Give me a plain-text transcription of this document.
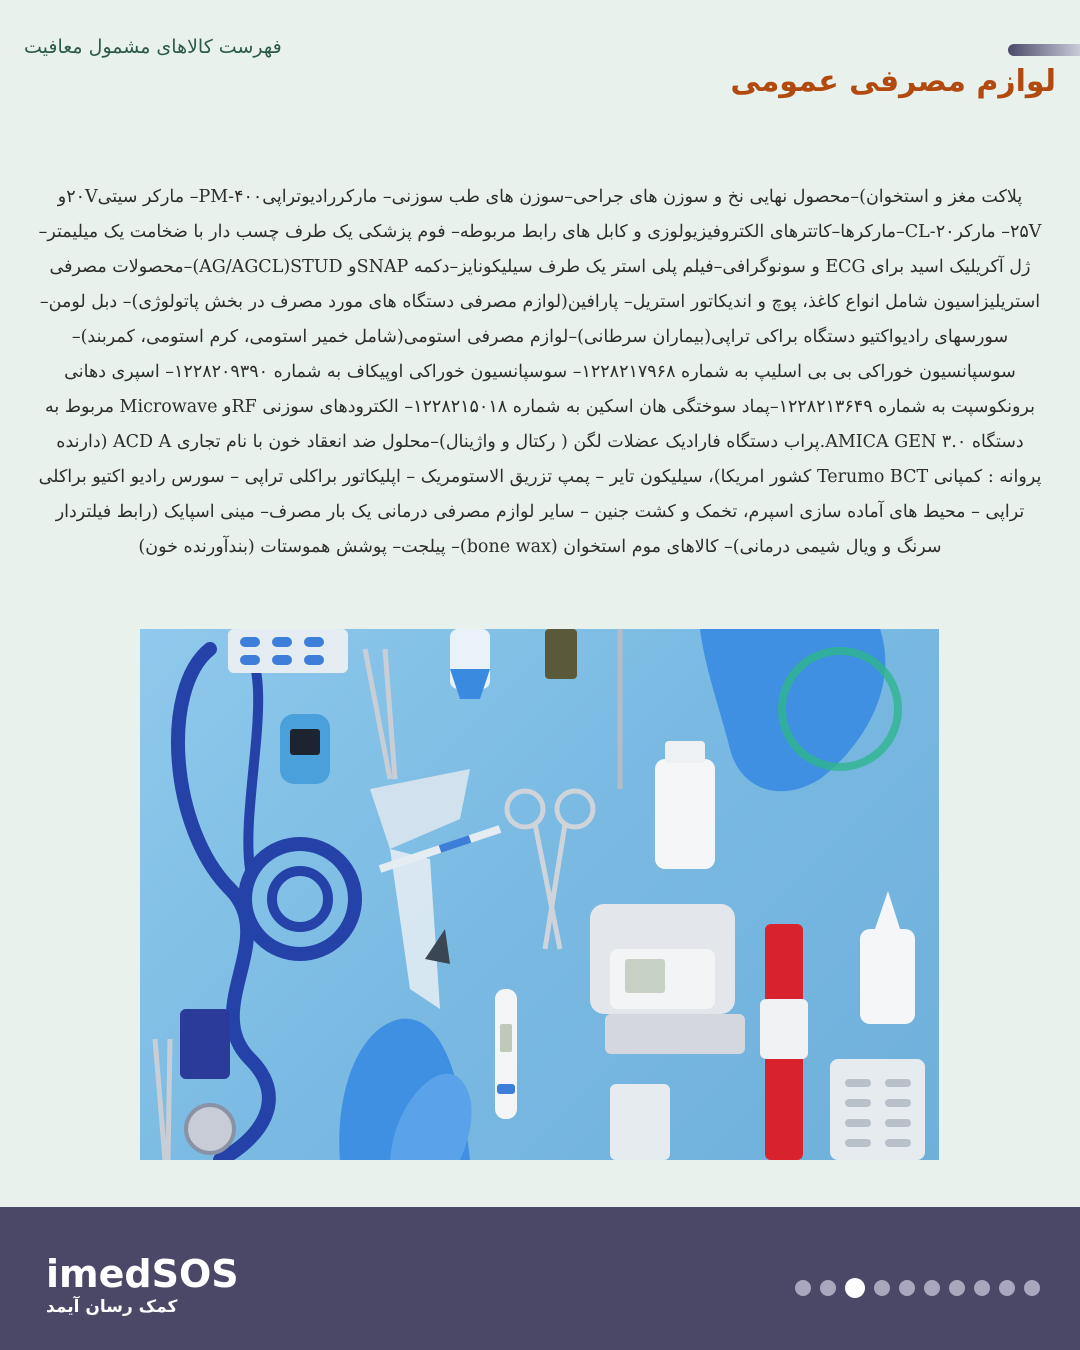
فهرست کالاهای مشمول معافیت
لوازم مصرفی عمومی
پلاکت مغز و استخوان)–محصول نهایی نخ و سوزن های جراحی–سوزن های طب سوزنی– مارکررادیوتراپی۴۰۰-PM– مارکر سیتی۲۰Vو ۲۵V– مارکر۲۰-CL–مارکرها–کاتترهای الکتروفیزیولوزی و کابل های رابط مربوطه– فوم پزشکی یک طرف چسب دار با ضخامت یک میلیمتر–ژل آکریلیک اسید برای ECG و سونوگرافی–فیلم پلی استر یک طرف سیلیکونایز–دکمه SNAPو AG/AGCL)STUD)–محصولات مصرفی استریلیزاسیون شامل انواع کاغذ، پوچ و اندیکاتور استریل– پارافین(لوازم مصرفی دستگاه های مورد مصرف در بخش پاتولوژی)– دبل لومن–سورسهای رادیواکتیو دستگاه براکی تراپی(بیماران سرطانی)–لوازم مصرفی استومی(شامل خمیر استومی، کرم استومی، کمربند)–سوسپانسیون خوراکی بی بی اسلیپ به شماره ۱۲۲۸۲۱۷۹۶۸– سوسپانسیون خوراکی اوپیکاف به شماره ۱۲۲۸۲۰۹۳۹۰– اسپری دهانی برونکوسپت به شماره ۱۲۲۸۲۱۳۶۴۹–پماد سوختگی هان اسکین به شماره ۱۲۲۸۲۱۵۰۱۸– الکترودهای سوزنی RFو Microwave مربوط به دستگاه AMICA GEN ۳.۰.پراب دستگاه فارادیک عضلات لگن ( رکتال و واژینال)–محلول ضد انعقاد خون با نام تجاری ACD A (دارنده پروانه : کمپانی Terumo BCT کشور امریکا)، سیلیکون تایر – پمپ تزریق الاستومریک – اپلیکاتور براکلی تراپی – سورس رادیو اکتیو براکلی تراپی – محیط های آماده سازی اسپرم، تخمک و کشت جنین – سایر لوازم مصرفی درمانی یک بار مصرف– مینی اسپایک (رابط فیلتردار سرنگ و ویال شیمی درمانی)– کالاهای موم استخوان (bone wax)– پیلجت– پوشش هموستات (بندآورنده خون)
imedSOS
کمک رسان آیمد
